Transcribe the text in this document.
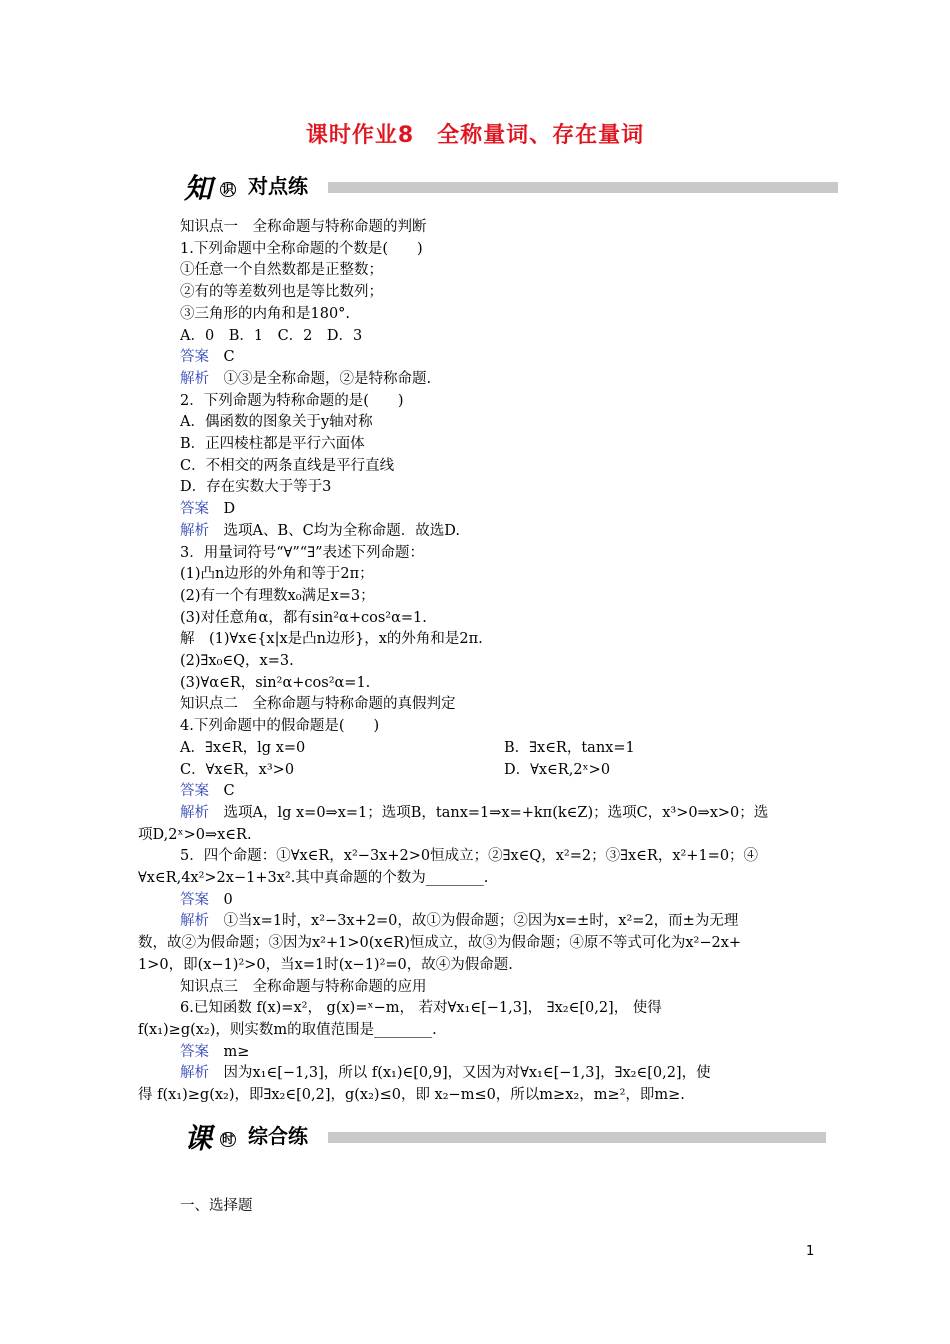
课时作业8　全称量词、存在量词
知 识 对点练
知识点一　全称命题与特称命题的判断
1.下列命题中全称命题的个数是(　　)
①任意一个自然数都是正整数；
②有的等差数列也是等比数列；
③三角形的内角和是180°.
A．0　B．1　C．2　D．3
答案　C
解析　①③是全称命题，②是特称命题.
2．下列命题为特称命题的是(　　)
A．偶函数的图象关于y轴对称
B．正四棱柱都是平行六面体
C．不相交的两条直线是平行直线
D．存在实数大于等于3
答案　D
解析　选项A、B、C均为全称命题．故选D.
3．用量词符号“∀”“∃”表述下列命题：
(1)凸n边形的外角和等于2π；
(2)有一个有理数x₀满足x=3；
(3)对任意角α，都有sin²α+cos²α=1.
解　(1)∀x∈{x|x是凸n边形}，x的外角和是2π.
(2)∃x₀∈Q，x=3.
(3)∀α∈R，sin²α+cos²α=1.
知识点二　全称命题与特称命题的真假判定
4.下列命题中的假命题是(　　)
A．∃x∈R，lg x=0	B．∃x∈R，tanx=1
C．∀x∈R，x³>0	D．∀x∈R,2ˣ>0
答案　C
解析　选项A，lg x=0⇒x=1；选项B，tanx=1⇒x=+kπ(k∈Z)；选项C，x³>0⇒x>0；选
项D,2ˣ>0⇒x∈R.
5．四个命题：①∀x∈R，x²−3x+2>0恒成立；②∃x∈Q，x²=2；③∃x∈R，x²+1=0；④
∀x∈R,4x²>2x−1+3x².其中真命题的个数为________.
答案　0
解析　①当x=1时，x²−3x+2=0，故①为假命题；②因为x=±时，x²=2，而±为无理
数，故②为假命题；③因为x²+1>0(x∈R)恒成立，故③为假命题；④原不等式可化为x²−2x+
1>0，即(x−1)²>0，当x=1时(x−1)²=0，故④为假命题.
知识点三　全称命题与特称命题的应用
6.已知函数 f(x)=x²， g(x)=ˣ−m， 若对∀x₁∈[−1,3]， ∃x₂∈[0,2]， 使得
f(x₁)≥g(x₂)，则实数m的取值范围是________.
答案　m≥
解析　因为x₁∈[−1,3]，所以 f(x₁)∈[0,9]，又因为对∀x₁∈[−1,3]，∃x₂∈[0,2]，使
得 f(x₁)≥g(x₂)，即∃x₂∈[0,2]，g(x₂)≤0，即 x₂−m≤0，所以m≥x₂，m≥²，即m≥.
课 时 综合练
一、选择题
1
